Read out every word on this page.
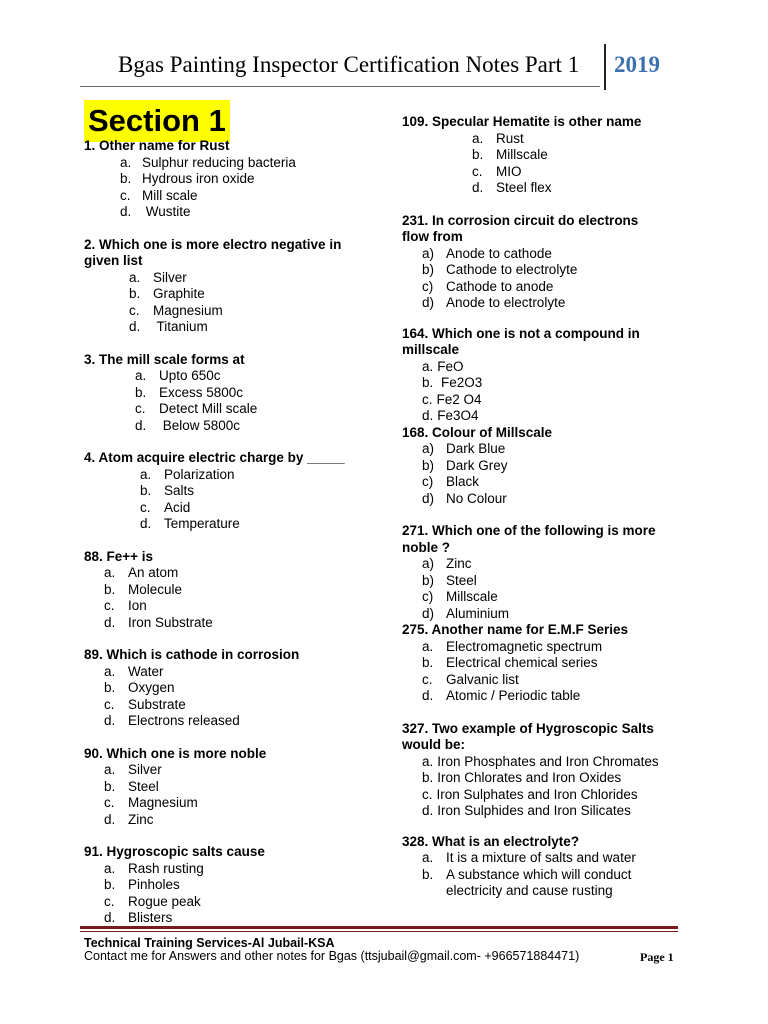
Bgas Painting Inspector Certification Notes Part 1	2019
Section 1
1. Other name for Rust
a. Sulphur reducing bacteria
b. Hydrous iron oxide
c. Mill scale
d. Wustite
2. Which one is more electro negative in
given list
a. Silver
b. Graphite
c. Magnesium
d. Titanium
3. The mill scale forms at
a. Upto 650c
b. Excess 5800c
c. Detect Mill scale
d. Below 5800c
4. Atom acquire electric charge by _____
a. Polarization
b. Salts
c. Acid
d. Temperature
88. Fe++ is
a. An atom
b. Molecule
c. Ion
d. Iron Substrate
89. Which is cathode in corrosion
a. Water
b. Oxygen
c. Substrate
d. Electrons released
90. Which one is more noble
a. Silver
b. Steel
c. Magnesium
d. Zinc
91. Hygroscopic salts cause
a. Rash rusting
b. Pinholes
c. Rogue peak
d. Blisters
109. Specular Hematite is other name
a. Rust
b. Millscale
c. MIO
d. Steel flex
231. In corrosion circuit do electrons
flow from
a) Anode to cathode
b) Cathode to electrolyte
c) Cathode to anode
d) Anode to electrolyte
164. Which one is not a compound in
millscale
a. FeO
b. Fe2O3
c. Fe2 O4
d. Fe3O4
168. Colour of Millscale
a) Dark Blue
b) Dark Grey
c) Black
d) No Colour
271. Which one of the following is more
noble ?
a) Zinc
b) Steel
c) Millscale
d) Aluminium
275. Another name for E.M.F Series
a. Electromagnetic spectrum
b. Electrical chemical series
c. Galvanic list
d. Atomic / Periodic table
327. Two example of Hygroscopic Salts
would be:
a. Iron Phosphates and Iron Chromates
b. Iron Chlorates and Iron Oxides
c. Iron Sulphates and Iron Chlorides
d. Iron Sulphides and Iron Silicates
328. What is an electrolyte?
a. It is a mixture of salts and water
b. A substance which will conduct electricity and cause rusting
Technical Training Services-Al Jubail-KSA
Contact me for Answers and other notes for Bgas (ttsjubail@gmail.com- +966571884471)	Page 1
